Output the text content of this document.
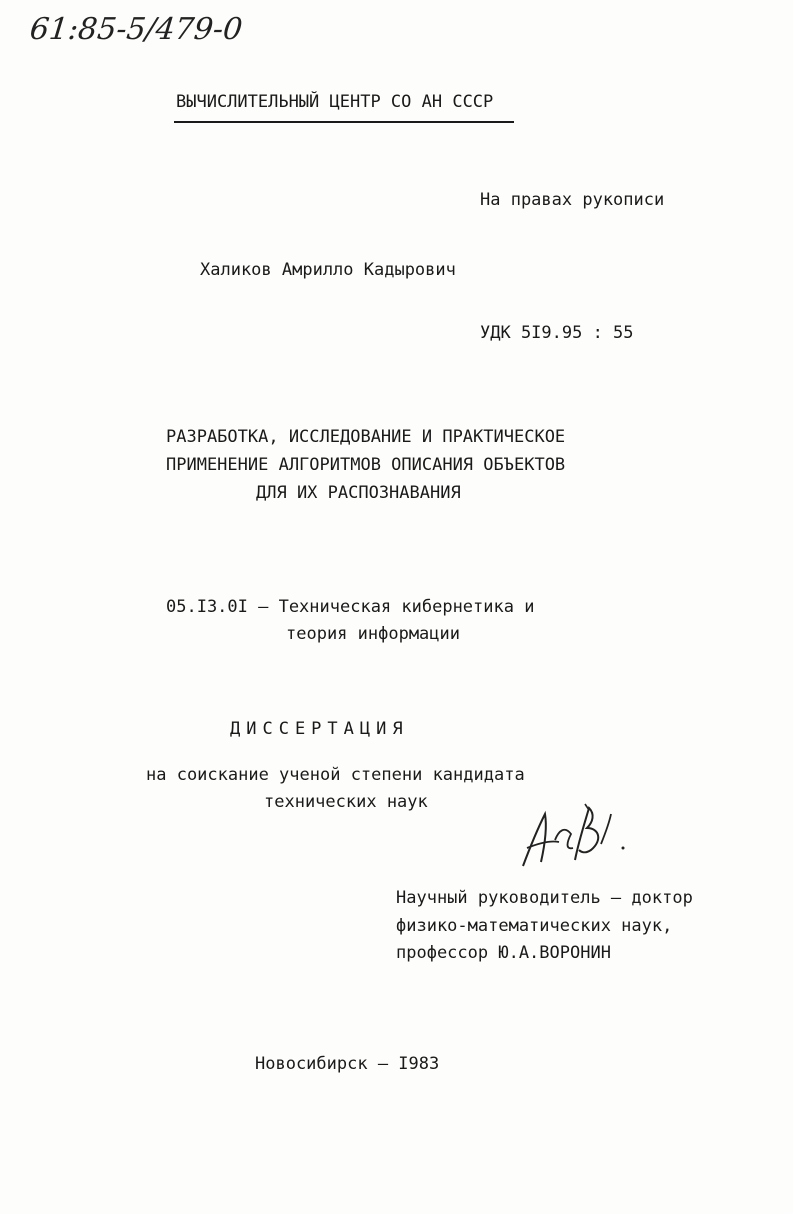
61:85-5/479-0
ВЫЧИСЛИТЕЛЬНЫЙ ЦЕНТР СО АН СССР
На правах рукописи
Халиков Амрилло Кадырович
УДК 5I9.95 : 55
РАЗРАБОТКА, ИССЛЕДОВАНИЕ И ПРАКТИЧЕСКОЕ
ПРИМЕНЕНИЕ АЛГОРИТМОВ ОПИСАНИЯ ОБЪЕКТОВ
ДЛЯ ИХ РАСПОЗНАВАНИЯ
05.I3.0I – Техническая кибернетика и
теория информации
ДИССЕРТАЦИЯ
на соискание ученой степени кандидата
технических наук
Научный руководитель – доктор
физико-математических наук,
профессор Ю.А.ВОРОНИН
Новосибирск – I983
